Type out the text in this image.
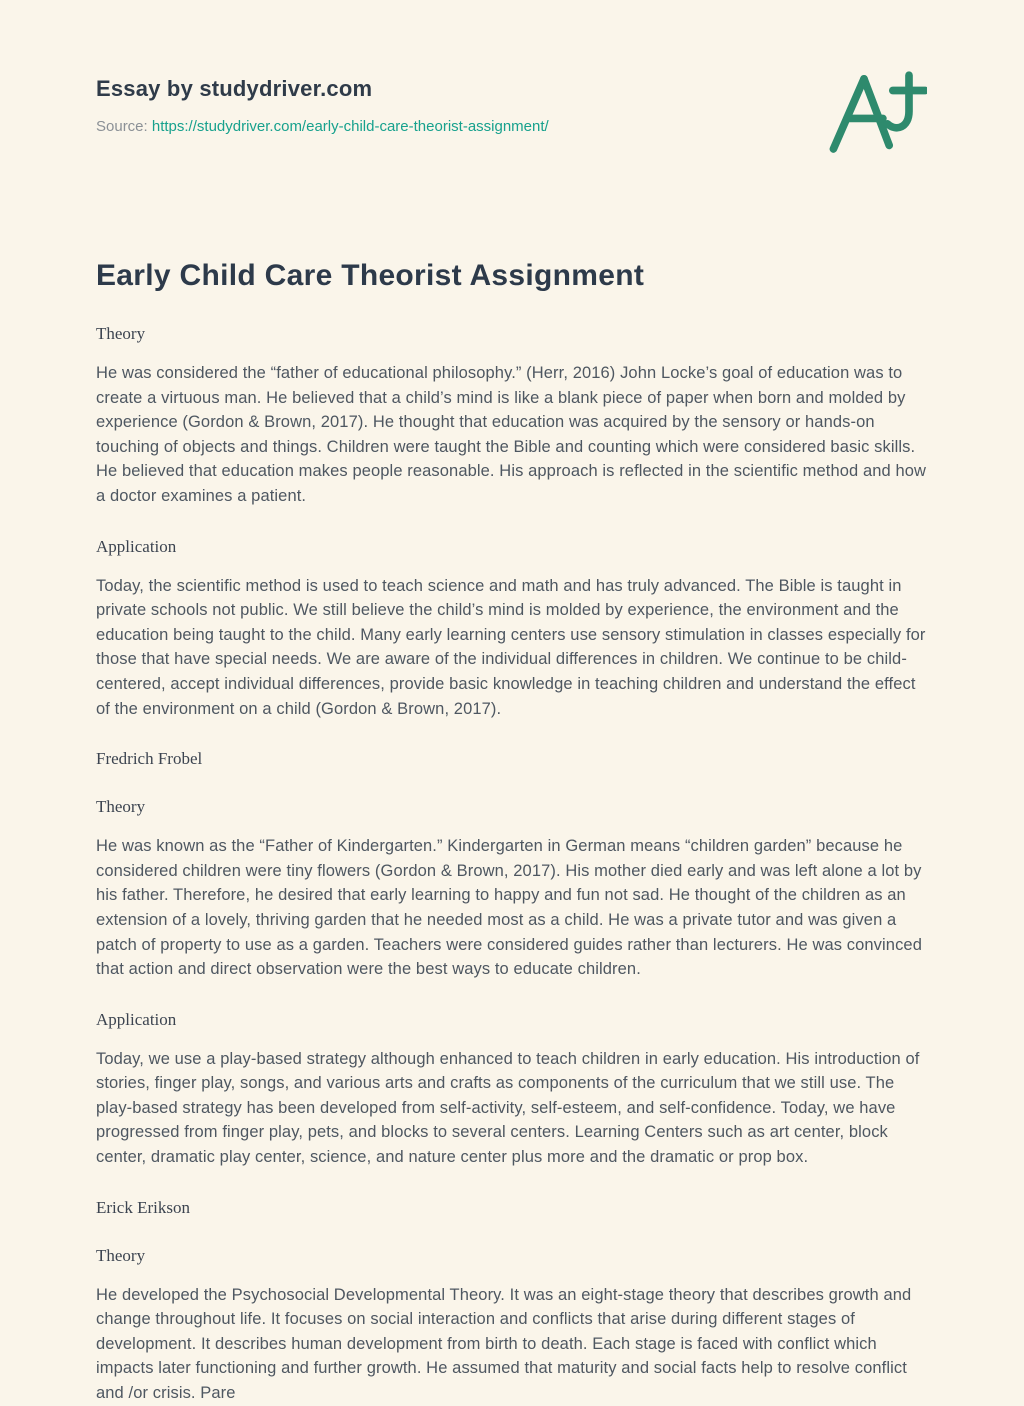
Essay by studydriver.com
Source: https://studydriver.com/early-child-care-theorist-assignment/
Early Child Care Theorist Assignment
Theory

He was considered the “father of educational philosophy.” (Herr, 2016) John Locke’s goal of education was to create a virtuous man. He believed that a child’s mind is like a blank piece of paper when born and molded by experience (Gordon & Brown, 2017). He thought that education was acquired by the sensory or hands-on touching of objects and things. Children were taught the Bible and counting which were considered basic skills. He believed that education makes people reasonable. His approach is reflected in the scientific method and how a doctor examines a patient.

Application

Today, the scientific method is used to teach science and math and has truly advanced. The Bible is taught in private schools not public. We still believe the child’s mind is molded by experience, the environment and the education being taught to the child. Many early learning centers use sensory stimulation in classes especially for those that have special needs. We are aware of the individual differences in children. We continue to be child-centered, accept individual differences, provide basic knowledge in teaching children and understand the effect of the environment on a child (Gordon & Brown, 2017).

Fredrich Frobel
Theory

He was known as the “Father of Kindergarten.” Kindergarten in German means “children garden” because he considered children were tiny flowers (Gordon & Brown, 2017). His mother died early and was left alone a lot by his father. Therefore, he desired that early learning to happy and fun not sad. He thought of the children as an extension of a lovely, thriving garden that he needed most as a child. He was a private tutor and was given a patch of property to use as a garden. Teachers were considered guides rather than lecturers. He was convinced that action and direct observation were the best ways to educate children.

Application

Today, we use a play-based strategy although enhanced to teach children in early education. His introduction of stories, finger play, songs, and various arts and crafts as components of the curriculum that we still use. The play-based strategy has been developed from self-activity, self-esteem, and self-confidence. Today, we have progressed from finger play, pets, and blocks to several centers. Learning Centers such as art center, block center, dramatic play center, science, and nature center plus more and the dramatic or prop box.

Erick Erikson
Theory

He developed the Psychosocial Developmental Theory. It was an eight-stage theory that describes growth and change throughout life. It focuses on social interaction and conflicts that arise during different stages of development. It describes human development from birth to death. Each stage is faced with conflict which impacts later functioning and further growth. He assumed that maturity and social facts help to resolve conflict and /or crisis. Pare
